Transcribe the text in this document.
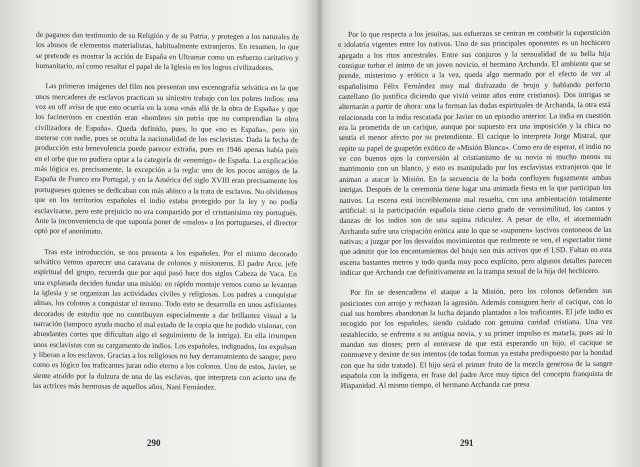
de paganos dan testimonio de su Religión y de su Patria, y protegen a los naturales de los abusos de elementos materialistas, habitualmente extranjeros. En resumen, lo que se pretende es mostrar la acción de España en Ultramar como un esfuerzo caritativo y humanitario, así como resaltar el papel de la Iglesia en los logros civilizadores.

Las primeras imágenes del film nos presentan una escenografía selvática en la que unos mercaderes de esclavos practican su siniestro trabajo con los pobres indios: una voz en off avisa de que esto ocurría en la zona «más allá de la obra de España» y que los facinerosos en cuestión eran «hombres sin patria que no comprendían la obra civilizadora de España». Queda definido, pues, lo que «no es España», pero sin meterse con nadie, pues se oculta la nacionalidad de los esclavistas. Dada la fecha de producción esta benevolencia puede parecer extraña, pues en 1946 apenas había país en el orbe que no pudiera optar a la categoría de «enemigo» de España. La explicación más lógica es, precisamente, la excepción a la regla: uno de los pocos amigos de la España de Franco era Portugal, y en la América del siglo XVIII eran precisamente los portugueses quienes se dedicaban con más ahínco a la trata de esclavos. No olvidemos que en los territorios españoles el indio estaba protegido por la ley y no podía esclavizarse, pero este prejuicio no era compartido por el cristianísimo rey portugués. Ante la inconveniencia de que suponía poner de «malos» a los portugueses, el director optó por el anonimato.

Tras esta introducción, se nos presenta a los españoles. Por el mismo decorado selvático vemos aparecer una caravana de colonos y misioneros. El padre Arce, jefe espiritual del grupo, recuerda que por aquí pasó hace dos siglos Cabeza de Vaca. En una explanada deciden fundar una misión: en rápido montaje vemos como se levantan la iglesia y se organizan las actividades civiles y religiosas. Los padres a conquistar almas, los colonos a conquistar el terreno. Todo esto se desarrolla en unos asfixiantes decorados de estudio que no contribuyen especialmente a dar brillantez visual a la narración (tampoco ayuda mucho el mal estado de la copia que he podido visionar, con abundantes cortes que dificultan algo el seguimiento de la intriga). En ella irrumpen unos esclavistas con su cargamento de indios. Los españoles, indignados, los expulsan y liberan a los esclavos. Gracias a los religiosos no hay derramamiento de sangre; pero como es lógico los traficantes juran odio eterno a los colonos. Uno de estos, Javier, se siente atraído por la dulzura de una de las esclavas, que interpreta con acierto una de las actrices más hermosas de aquellos años, Nani Fernández.

290

Por lo que respecta a los jesuitas, sus esfuerzos se centran en combatir la superstición e idolatría vigentes entre los nativos. Uno de sus principales oponentes es un hechicero apegado a los ritos ancestrales. Entre sus conjuros y la sensualidad de su bella hija consigue turbar el ánimo de un joven novicio, el hermano Archanda. El ambiente que se prende, misterioso y erótico a la vez, queda algo mermado por el efecto de ver al españolísimo Félix Fernández muy mal disfrazado de brujo y hablando perfecto castellano (lo justifica diciendo que vivió veinte años entre cristianos). Dos intrigas se alternarán a partir de ahora: una la forman las dudas espirituales de Archanda, la otra está relacionada con la india rescatada por Javier en un episodio anterior. La india en cuestión era la prometida de un cacique, aunque por supuesto era una imposición y la chica no sentía el menor afecto por su pretendiente. El cacique lo interpreta Jorge Mistral, que repite su papel de guapetón exótico de «Misión Blanca». Como era de esperar, el indio no ve con buenos ojos la conversión al cristianismo de su novia ni mucho menos su matrimonio con un blanco, y esto es manipulado por los esclavistas extranjeros que le animan a atacar la Misión. En la secuencia de la boda confluyen fugazmente ambas intrigas. Después de la ceremonia tiene lugar una animada fiesta en la que participan los nativos. La escena está increíblemente mal resuelta, con una ambientación totalmente artificial: si la participación española tiene cierto grado de verosimilitud, los cantos y danzas de los indios son de una supina ridiculez. A pesar de ello, el atormentado Archanda sufre una crispación erótica ante lo que se «suponen» lascivos contoneos de las nativas; a juzgar por los desvaídos movimientos que realmente se ven, el espectador tiene que admitir que los encantamientos del brujo son más activos que el LSD. Faltan en esta escena bastantes metros y todo queda muy poco explícito, pero algunos detalles parecen indicar que Archanda cae definitivamente en la trampa sexual de la hija del hechicero.

Por fin se desencadena el ataque a la Misión, pero los colonos defienden sus posiciones con arrojo y rechazan la agresión. Además consiguen herir al cacique, con lo cual sus hombres abandonan la lucha dejando plantados a los traficantes. El jefe indio es recogido por los españoles, siendo cuidado con genuina caridad cristiana. Una vez restablecido, se enfrenta a su antigua novia, y su primer impulso es matarla, pues así lo mandan sus dioses; pero al enterarse de que está esperando un hijo, el cacique se conmueve y desiste de sus intentos (de todas formas ya estaba predispuesto por la bondad con que ha sido tratado). El hijo será el primer fruto de la mezcla generosa de la sangre española con la indígena, en frase del padre Arce muy típica del concepto franquista de Hispanidad. Al mismo tiempo, el hermano Archanda cae presa

291
